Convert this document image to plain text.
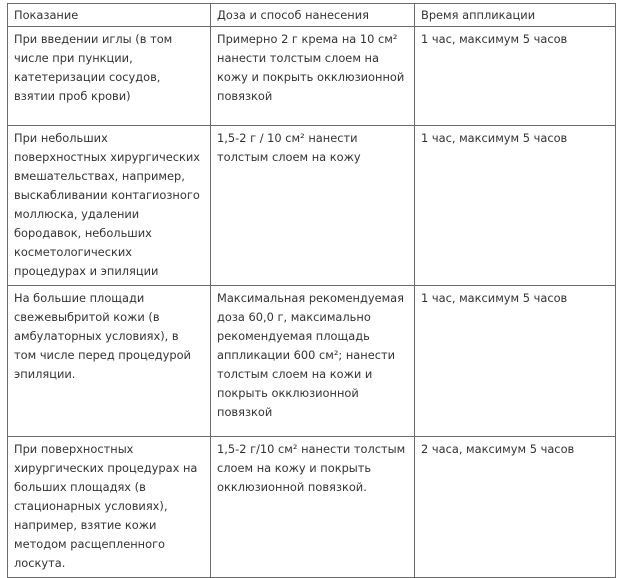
Показание	Доза и способ нанесения	Время аппликации
При введении иглы (в том числе при пункции, катетеризации сосудов, взятии проб крови)	Примерно 2 г крема на 10 см² нанести толстым слоем на кожу и покрыть окклюзионной повязкой	1 час, максимум 5 часов
При небольших поверхностных хирургических вмешательствах, например, выскабливании контагиозного моллюска, удалении бородавок, небольших косметологических процедурах и эпиляции	1,5-2 г / 10 см² нанести толстым слоем на кожу	1 час, максимум 5 часов
На большие площади свежевыбритой кожи (в амбулаторных условиях), в том числе перед процедурой эпиляции.	Максимальная рекомендуемая доза 60,0 г, максимально рекомендуемая площадь аппликации 600 см²; нанести толстым слоем на кожи и покрыть окклюзионной повязкой	1 час, максимум 5 часов
При поверхностных хирургических процедурах на больших площадях (в стационарных условиях), например, взятие кожи методом расщепленного лоскута.	1,5-2 г/10 см² нанести толстым слоем на кожу и покрыть окклюзионной повязкой.	2 часа, максимум 5 часов
